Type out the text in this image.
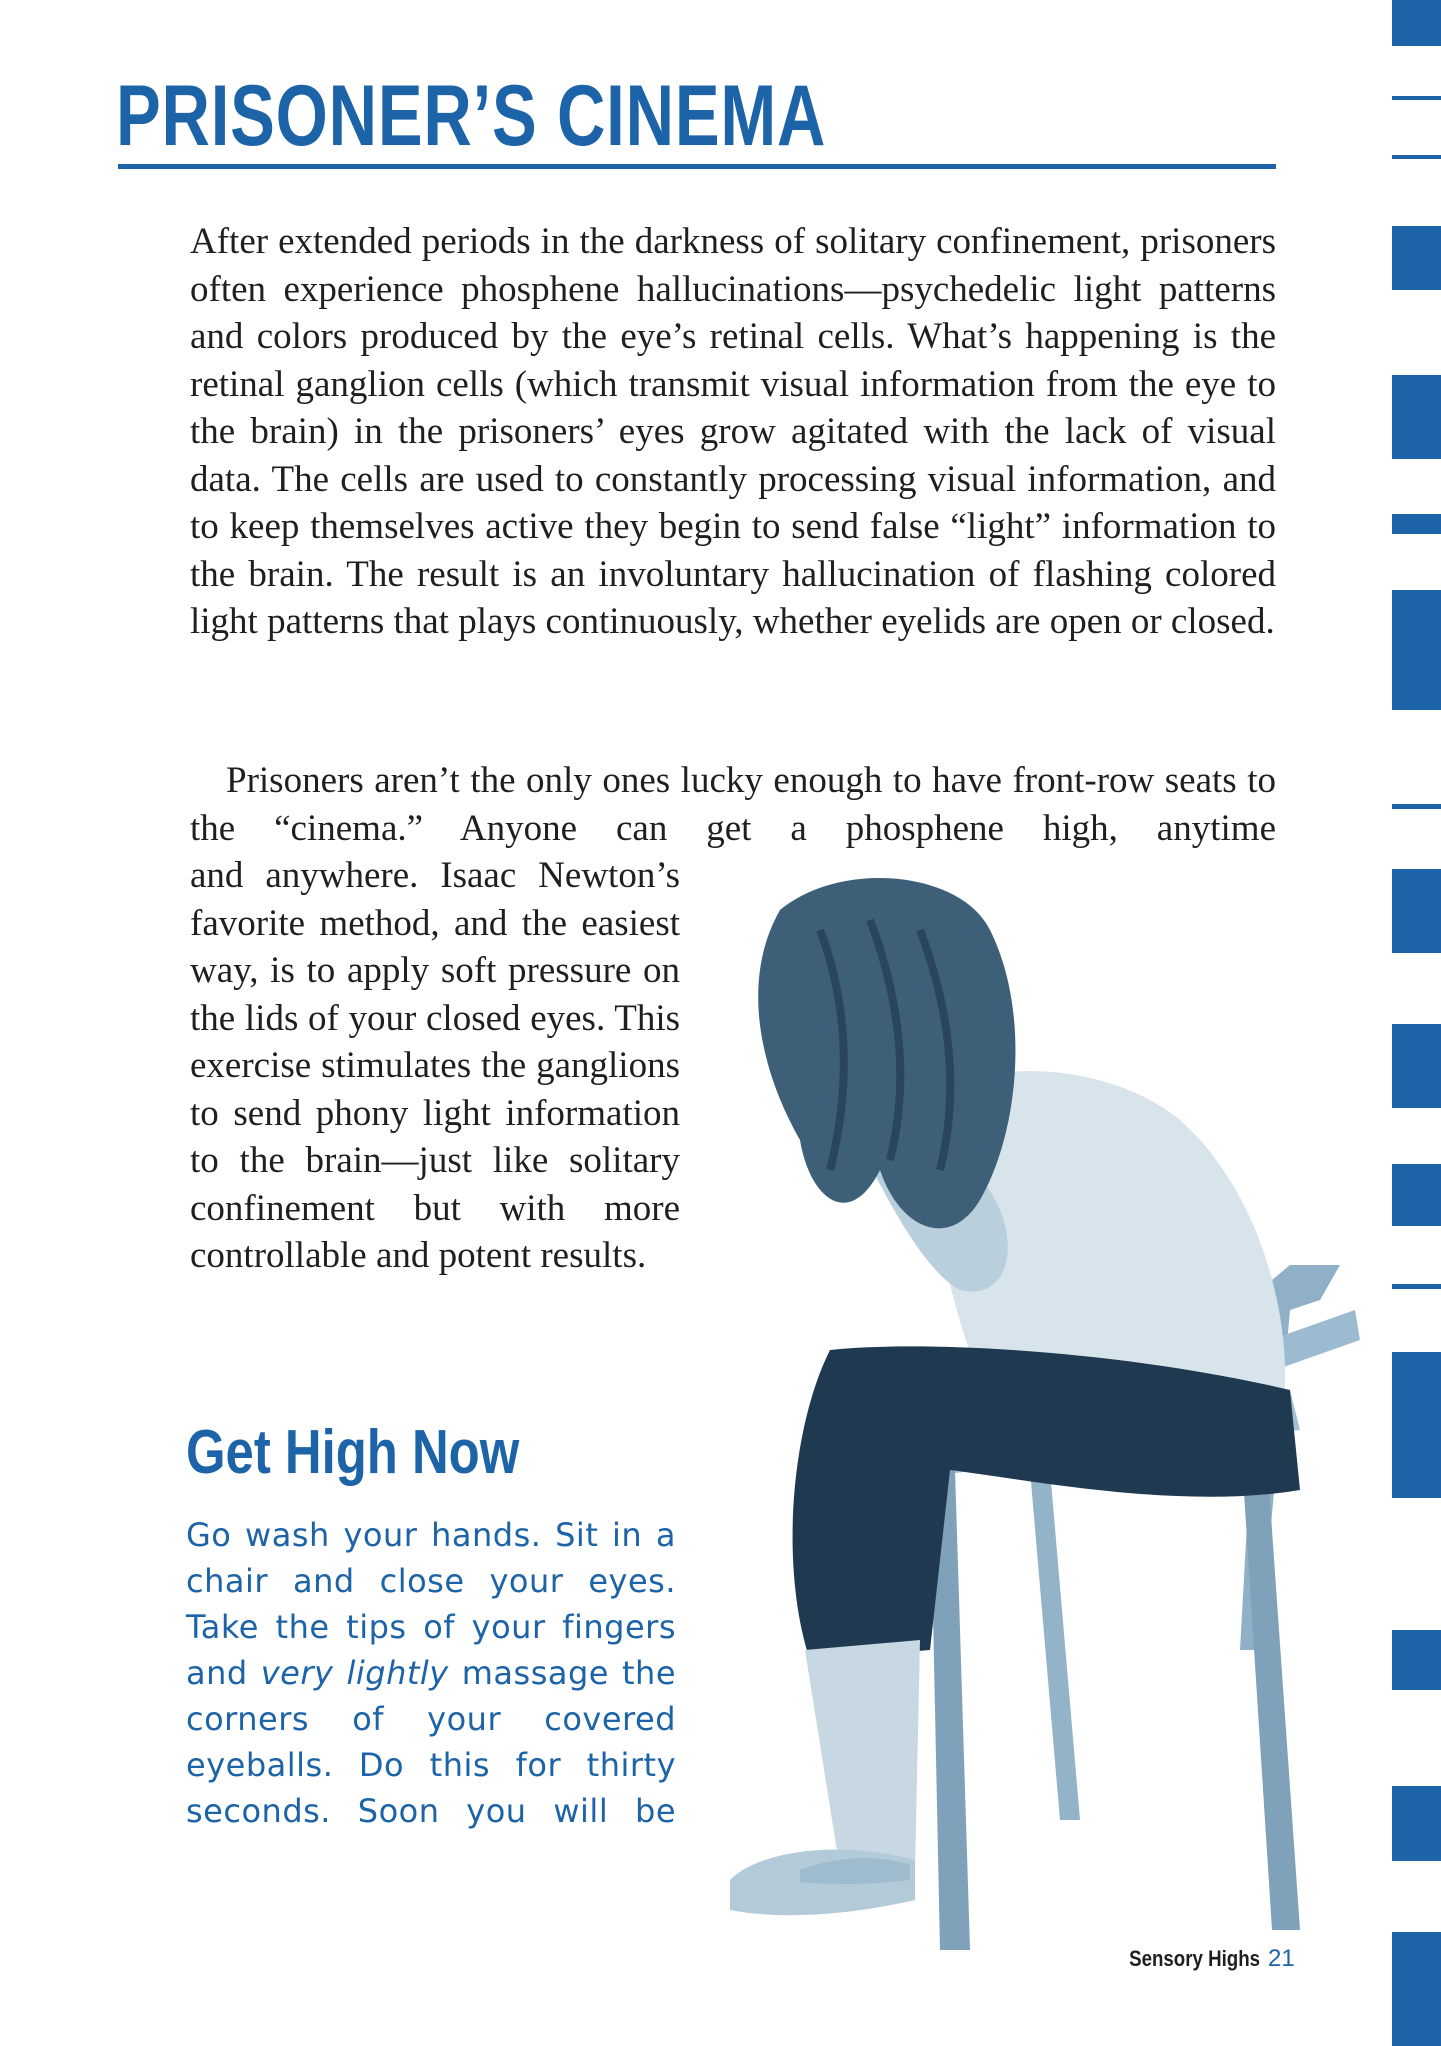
PRISONER’S CINEMA

After extended periods in the darkness of solitary confinement, prisoners often experience phosphene hallucinations—psychedelic light patterns and colors produced by the eye’s retinal cells. What’s happening is the retinal ganglion cells (which transmit visual information from the eye to the brain) in the prisoners’ eyes grow agitated with the lack of visual data. The cells are used to constantly processing visual information, and to keep themselves active they begin to send false “light” information to the brain. The result is an involuntary hallucination of flashing colored light patterns that plays continuously, whether eyelids are open or closed.

Prisoners aren’t the only ones lucky enough to have front-row seats to the “cinema.” Anyone can get a phosphene high, anytime

and anywhere. Isaac Newton’s favorite method, and the easiest way, is to apply soft pressure on the lids of your closed eyes. This exercise stimulates the ganglions to send phony light information to the brain—just like solitary confinement but with more controllable and potent results.

Get High Now

Go wash your hands. Sit in a chair and close your eyes. Take the tips of your fingers and very lightly massage the corners of your covered eyeballs. Do this for thirty seconds. Soon you will be

Sensory Highs 21
